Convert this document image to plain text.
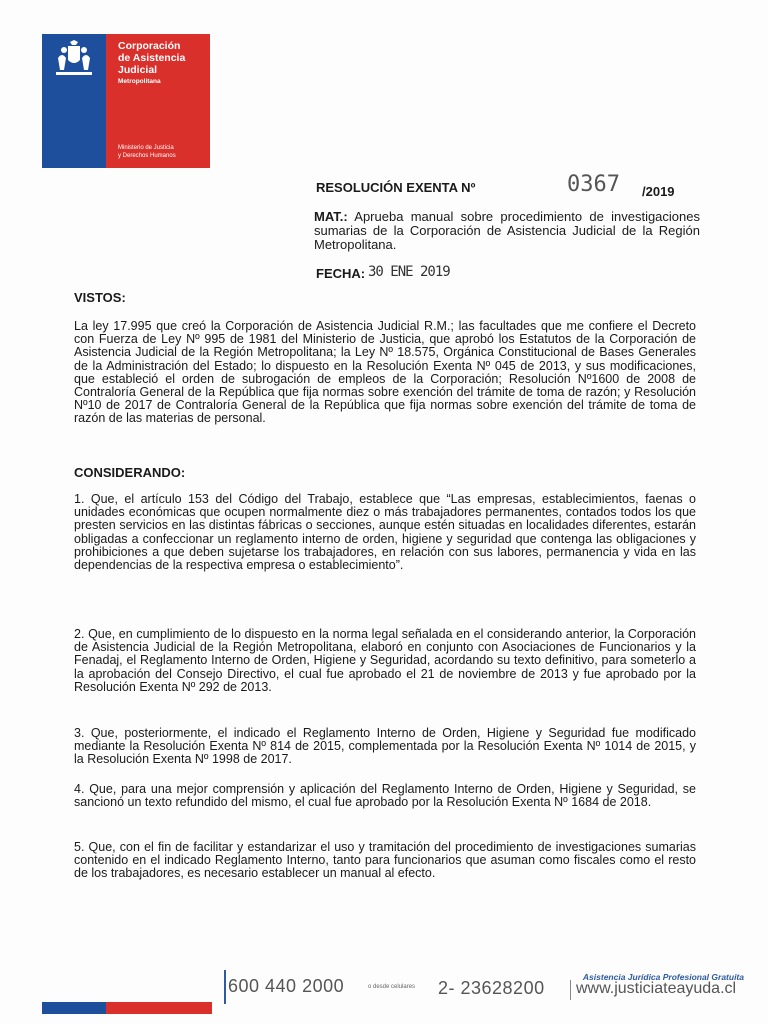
Corporación
de Asistencia
Judicial
Metropolitana
Ministerio de Justicia
y Derechos Humanos
RESOLUCIÓN EXENTA Nº	0367 /2019
MAT.: Aprueba manual sobre procedimiento de investigaciones sumarias de la Corporación de Asistencia Judicial de la Región Metropolitana.
FECHA: 30 ENE 2019
VISTOS:
La ley 17.995 que creó la Corporación de Asistencia Judicial R.M.; las facultades que me confiere el Decreto con Fuerza de Ley Nº 995 de 1981 del Ministerio de Justicia, que aprobó los Estatutos de la Corporación de Asistencia Judicial de la Región Metropolitana; la Ley Nº 18.575, Orgánica Constitucional de Bases Generales de la Administración del Estado; lo dispuesto en la Resolución Exenta Nº 045 de 2013, y sus modificaciones, que estableció el orden de subrogación de empleos de la Corporación; Resolución Nº1600 de 2008 de Contraloría General de la República que fija normas sobre exención del trámite de toma de razón; y Resolución Nº10 de 2017 de Contraloría General de la República que fija normas sobre exención del trámite de toma de razón de las materias de personal.
CONSIDERANDO:
1. Que, el artículo 153 del Código del Trabajo, establece que “Las empresas, establecimientos, faenas o unidades económicas que ocupen normalmente diez o más trabajadores permanentes, contados todos los que presten servicios en las distintas fábricas o secciones, aunque estén situadas en localidades diferentes, estarán obligadas a confeccionar un reglamento interno de orden, higiene y seguridad que contenga las obligaciones y prohibiciones a que deben sujetarse los trabajadores, en relación con sus labores, permanencia y vida en las dependencias de la respectiva empresa o establecimiento”.
2. Que, en cumplimiento de lo dispuesto en la norma legal señalada en el considerando anterior, la Corporación de Asistencia Judicial de la Región Metropolitana, elaboró en conjunto con Asociaciones de Funcionarios y la Fenadaj, el Reglamento Interno de Orden, Higiene y Seguridad, acordando su texto definitivo, para someterlo a la aprobación del Consejo Directivo, el cual fue aprobado el 21 de noviembre de 2013 y fue aprobado por la Resolución Exenta Nº 292 de 2013.
3. Que, posteriormente, el indicado el Reglamento Interno de Orden, Higiene y Seguridad fue modificado mediante la Resolución Exenta Nº 814 de 2015, complementada por la Resolución Exenta Nº 1014 de 2015, y la Resolución Exenta Nº 1998 de 2017.
4. Que, para una mejor comprensión y aplicación del Reglamento Interno de Orden, Higiene y Seguridad, se sancionó un texto refundido del mismo, el cual fue aprobado por la Resolución Exenta Nº 1684 de 2018.
5. Que, con el fin de facilitar y estandarizar el uso y tramitación del procedimiento de investigaciones sumarias contenido en el indicado Reglamento Interno, tanto para funcionarios que asuman como fiscales como el resto de los trabajadores, es necesario establecer un manual al efecto.
Asistencia Jurídica Profesional Gratuita
600 440 2000	o desde celulares 2- 23628200 www.justiciateayuda.cl
